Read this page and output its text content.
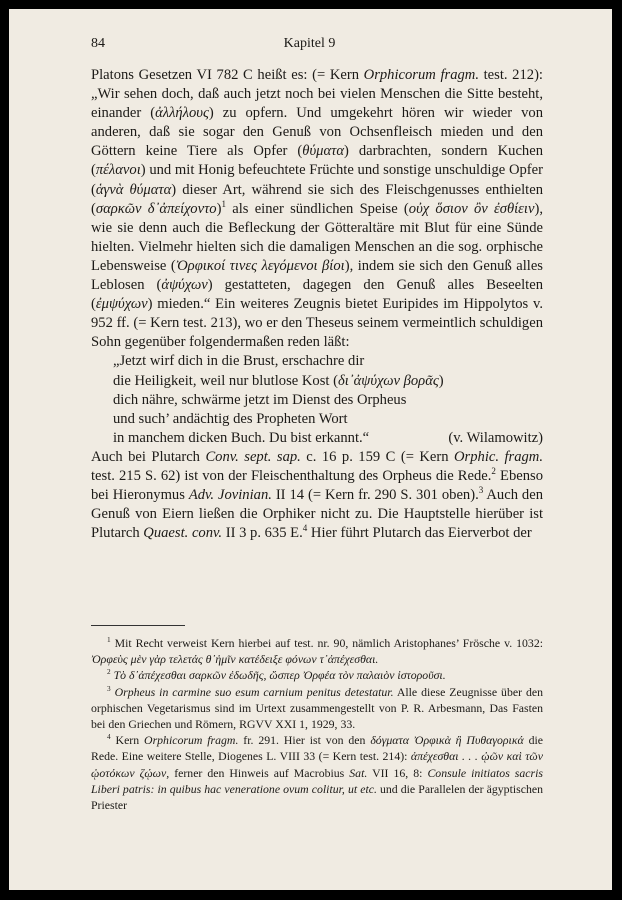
84	Kapitel 9

Platons Gesetzen VI 782 C heißt es: (= Kern Orphicorum fragm. test. 212): „Wir sehen doch, daß auch jetzt noch bei vielen Menschen die Sitte besteht, einander (ἀλλήλους) zu opfern. Und umgekehrt hören wir wieder von anderen, daß sie sogar den Genuß von Ochsenfleisch mieden und den Göttern keine Tiere als Opfer (θύματα) darbrachten, sondern Kuchen (πέλανοι) und mit Honig befeuchtete Früchte und sonstige unschuldige Opfer (ἁγνὰ θύματα) dieser Art, während sie sich des Fleischgenusses enthielten (σαρκῶν δ᾽ἀπείχοντο)$^1$ als einer sündlichen Speise (οὐχ ὅσιον ὂν ἐσθίειν), wie sie denn auch die Befleckung der Götteraltäre mit Blut für eine Sünde hielten. Vielmehr hielten sich die damaligen Menschen an die sog. orphische Lebensweise (Ὀρφικοί τινες λεγόμενοι βίοι), indem sie sich den Genuß alles Leblosen (ἀψύχων) gestatteten, dagegen den Genuß alles Beseelten (ἐμψύχων) mieden.“ Ein weiteres Zeugnis bietet Euripides im Hippolytos v. 952 ff. (= Kern test. 213), wo er den Theseus seinem vermeintlich schuldigen Sohn gegenüber folgendermaßen reden läßt:

„Jetzt wirf dich in die Brust, erschachre dir
die Heiligkeit, weil nur blutlose Kost (δι᾽ἀψύχων βορᾶς)
dich nähre, schwärme jetzt im Dienst des Orpheus
und such’ andächtig des Propheten Wort
in manchem dicken Buch. Du bist erkannt.“	(v. Wilamowitz)

Auch bei Plutarch Conv. sept. sap. c. 16 p. 159 C (= Kern Orphic. fragm. test. 215 S. 62) ist von der Fleischenthaltung des Orpheus die Rede.$^2$ Ebenso bei Hieronymus Adv. Jovinian. II 14 (= Kern fr. 290 S. 301 oben).$^3$ Auch den Genuß von Eiern ließen die Orphiker nicht zu. Die Hauptstelle hierüber ist Plutarch Quaest. conv. II 3 p. 635 E.$^4$ Hier führt Plutarch das Eierverbot der

$^1$ Mit Recht verweist Kern hierbei auf test. nr. 90, nämlich Aristophanes’ Frösche v. 1032: Ὀρφεὺς μὲν γὰρ τελετάς θ᾽ἡμῖν κατέδειξε φόνων τ᾽ἀπέχεσθαι.

$^2$ Τὸ δ᾽ἀπέχεσθαι σαρκῶν ἐδωδῆς, ὥσπερ Ὀρφέα τὸν παλαιὸν ἱστοροῦσι.

$^3$ Orpheus in carmine suo esum carnium penitus detestatur. Alle diese Zeugnisse über den orphischen Vegetarismus sind im Urtext zusammengestellt von P. R. Arbesmann, Das Fasten bei den Griechen und Römern, RGVV XXI 1, 1929, 33.

$^4$ Kern Orphicorum fragm. fr. 291. Hier ist von den δόγματα Ὀρφικὰ ἢ Πυθαγορικά die Rede. Eine weitere Stelle, Diogenes L. VIII 33 (= Kern test. 214): ἀπέχεσθαι . . . ᾠῶν καὶ τῶν ᾠοτόκων ζῴων, ferner den Hinweis auf Macrobius Sat. VII 16, 8: Consule initiatos sacris Liberi patris: in quibus hac veneratione ovum colitur, ut etc. und die Parallelen der ägyptischen Priester
